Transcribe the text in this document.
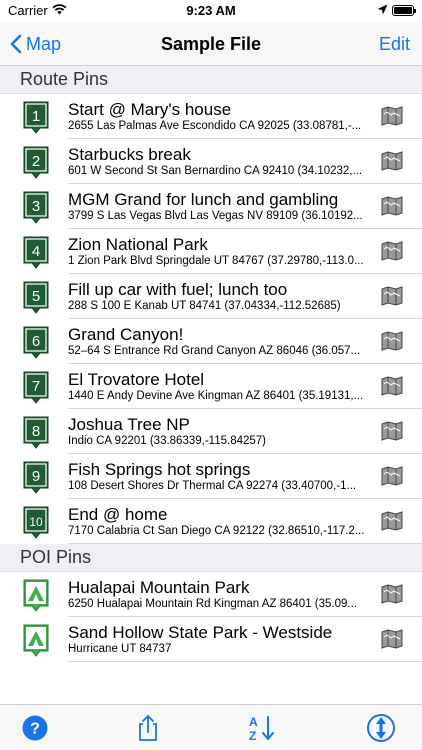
Carrier	9:23 AM
Map	Sample File	Edit
Route Pins
1 Start @ Mary's house
2655 Las Palmas Ave Escondido CA 92025 (33.08781,-...
2 Starbucks break
601 W Second St San Bernardino CA 92410 (34.10232,...
3 MGM Grand for lunch and gambling
3799 S Las Vegas Blvd Las Vegas NV 89109 (36.10192...
4 Zion National Park
1 Zion Park Blvd Springdale UT 84767 (37.29780,-113.0...
5 Fill up car with fuel; lunch too
288 S 100 E Kanab UT 84741 (37.04334,-112.52685)
6 Grand Canyon!
52–64 S Entrance Rd Grand Canyon AZ 86046 (36.057...
7 El Trovatore Hotel
1440 E Andy Devine Ave Kingman AZ 86401 (35.19131,...
8 Joshua Tree NP
Indio CA 92201 (33.86339,-115.84257)
9 Fish Springs hot springs
108 Desert Shores Dr Thermal CA 92274 (33.40700,-1...
10 End @ home
7170 Calabria Ct San Diego CA 92122 (32.86510,-117.2...
POI Pins
Hualapai Mountain Park
6250 Hualapai Mountain Rd Kingman AZ 86401 (35.09...
Sand Hollow State Park - Westside
Hurricane UT 84737
?	A
Z
